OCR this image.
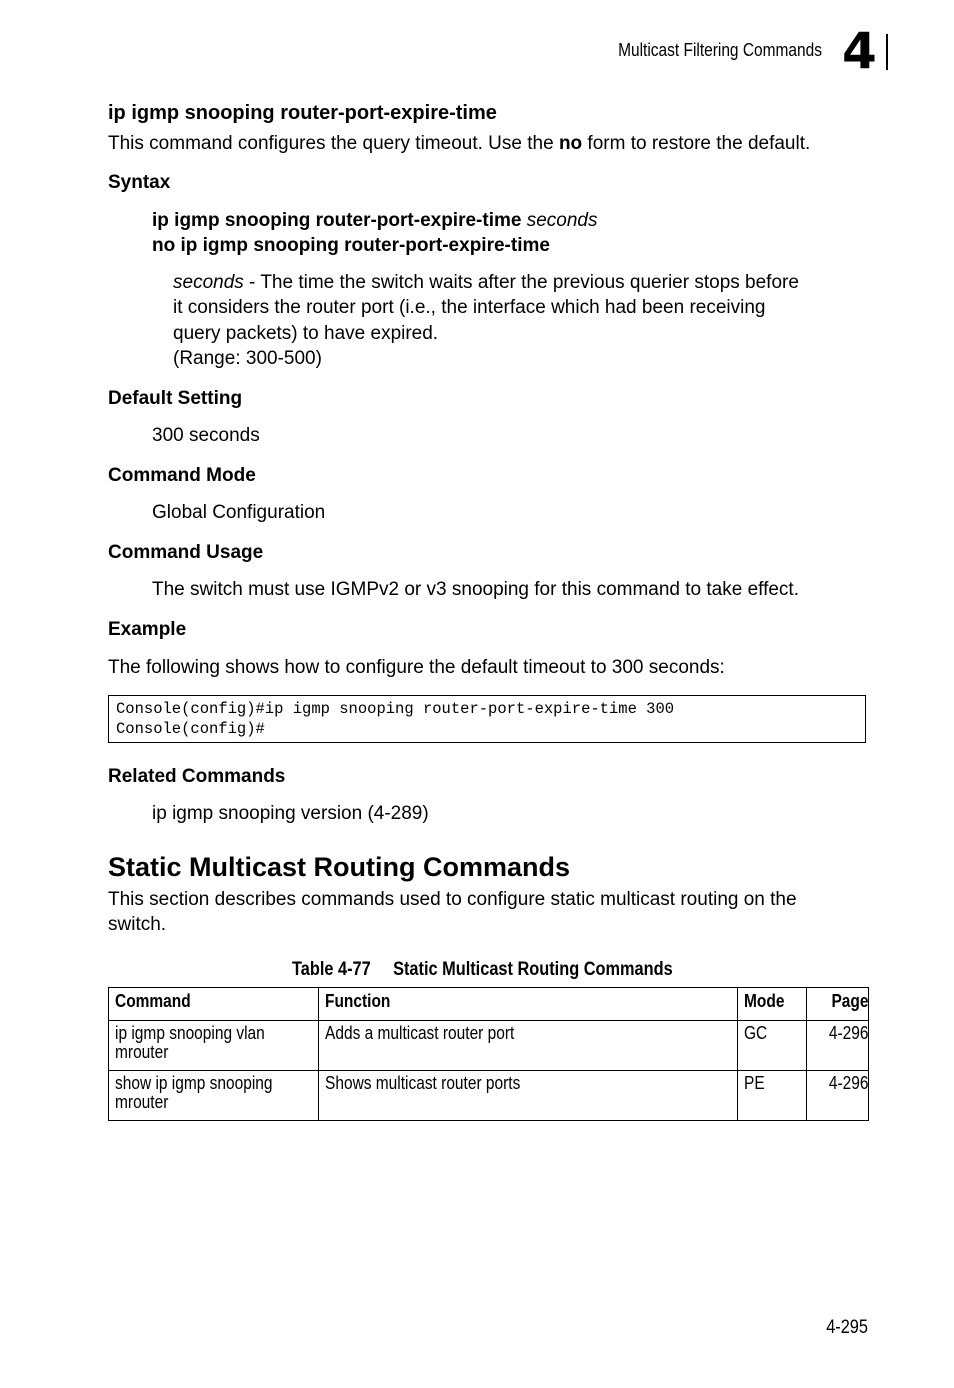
Multicast Filtering Commands 4
ip igmp snooping router-port-expire-time

This command configures the query timeout. Use the no form to restore the default.

Syntax

ip igmp snooping router-port-expire-time seconds

no ip igmp snooping router-port-expire-time

seconds - The time the switch waits after the previous querier stops before

it considers the router port (i.e., the interface which had been receiving

query packets) to have expired.

(Range: 300-500)

Default Setting

300 seconds

Command Mode

Global Configuration

Command Usage

The switch must use IGMPv2 or v3 snooping for this command to take effect.

Example

The following shows how to configure the default timeout to 300 seconds:

Console(config)#ip igmp snooping router-port-expire-time 300
Console(config)#
Related Commands

ip igmp snooping version (4-289)

Static Multicast Routing Commands

This section describes commands used to configure static multicast routing on the

switch.

Table 4-77 Static Multicast Routing Commands
Command	Function	Mode	Page

ip igmp snooping vlan
mrouter	Adds a multicast router port	GC	4-296

show ip igmp snooping
mrouter	Shows multicast router ports	PE	4-296
4-295
